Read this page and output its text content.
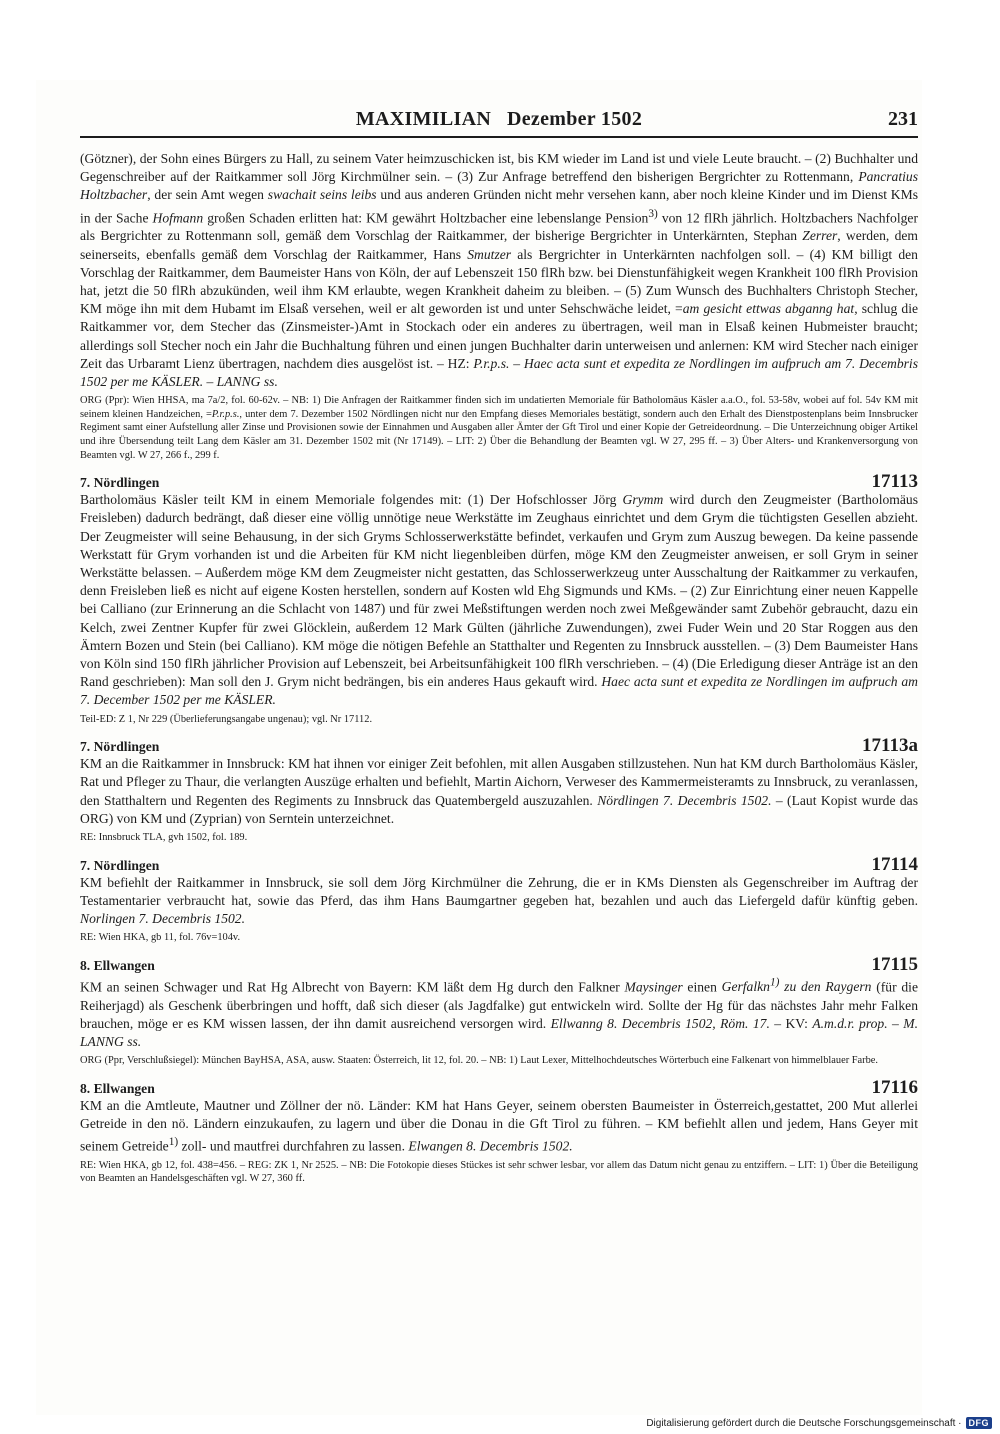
MAXIMILIAN   Dezember 1502	231

(Götzner), der Sohn eines Bürgers zu Hall, zu seinem Vater heimzuschicken ist, bis KM wieder im Land ist und viele Leute braucht. – (2) Buchhalter und Gegenschreiber auf der Raitkammer soll Jörg Kirchmülner sein. – (3) Zur Anfrage betreffend den bisherigen Bergrichter zu Rottenmann, Pancratius Holtzbacher, der sein Amt wegen swachait seins leibs und aus anderen Gründen nicht mehr versehen kann, aber noch kleine Kinder und im Dienst KMs in der Sache Hofmann großen Schaden erlitten hat: KM gewährt Holtzbacher eine lebenslange Pension$^{3)}$ von 12 flRh jährlich. Holtzbachers Nachfolger als Bergrichter zu Rottenmann soll, gemäß dem Vorschlag der Raitkammer, der bisherige Bergrichter in Unterkärnten, Stephan Zerrer, werden, dem seinerseits, ebenfalls gemäß dem Vorschlag der Raitkammer, Hans Smutzer als Bergrichter in Unterkärnten nachfolgen soll. – (4) KM billigt den Vorschlag der Raitkammer, dem Baumeister Hans von Köln, der auf Lebenszeit 150 flRh bzw. bei Dienstunfähigkeit wegen Krankheit 100 flRh Provision hat, jetzt die 50 flRh abzukünden, weil ihm KM erlaubte, wegen Krankheit daheim zu bleiben. – (5) Zum Wunsch des Buchhalters Christoph Stecher, KM möge ihn mit dem Hubamt im Elsaß versehen, weil er alt geworden ist und unter Sehschwäche leidet, =am gesicht ettwas abganng hat, schlug die Raitkammer vor, dem Stecher das (Zinsmeister-)Amt in Stockach oder ein anderes zu übertragen, weil man in Elsaß keinen Hubmeister braucht; allerdings soll Stecher noch ein Jahr die Buchhaltung führen und einen jungen Buchhalter darin unterweisen und anlernen: KM wird Stecher nach einiger Zeit das Urbaramt Lienz übertragen, nachdem dies ausgelöst ist. – HZ: P.r.p.s. – Haec acta sunt et expedita ze Nordlingen im aufpruch am 7. Decembris 1502 per me KÄSLER. – LANNG ss.

ORG (Ppr): Wien HHSA, ma 7a/2, fol. 60-62v. – NB: 1) Die Anfragen der Raitkammer finden sich im undatierten Memoriale für Batholomäus Käsler a.a.O., fol. 53-58v, wobei auf fol. 54v KM mit seinem kleinen Handzeichen, =P.r.p.s., unter dem 7. Dezember 1502 Nördlingen nicht nur den Empfang dieses Memoriales bestätigt, sondern auch den Erhalt des Dienstpostenplans beim Innsbrucker Regiment samt einer Aufstellung aller Zinse und Provisionen sowie der Einnahmen und Ausgaben aller Ämter der Gft Tirol und einer Kopie der Getreideordnung. – Die Unterzeichnung obiger Artikel und ihre Übersendung teilt Lang dem Käsler am 31. Dezember 1502 mit (Nr 17149). – LIT: 2) Über die Behandlung der Beamten vgl. W 27, 295 ff. – 3) Über Alters- und Krankenversorgung von Beamten vgl. W 27, 266 f., 299 f.

7. Nördlingen	17113

Bartholomäus Käsler teilt KM in einem Memoriale folgendes mit: (1) Der Hofschlosser Jörg Grymm wird durch den Zeugmeister (Bartholomäus Freisleben) dadurch bedrängt, daß dieser eine völlig unnötige neue Werkstätte im Zeughaus einrichtet und dem Grym die tüchtigsten Gesellen abzieht. Der Zeugmeister will seine Behausung, in der sich Gryms Schlosserwerkstätte befindet, verkaufen und Grym zum Auszug bewegen. Da keine passende Werkstatt für Grym vorhanden ist und die Arbeiten für KM nicht liegenbleiben dürfen, möge KM den Zeugmeister anweisen, er soll Grym in seiner Werkstätte belassen. – Außerdem möge KM dem Zeugmeister nicht gestatten, das Schlosserwerkzeug unter Ausschaltung der Raitkammer zu verkaufen, denn Freisleben ließ es nicht auf eigene Kosten herstellen, sondern auf Kosten wld Ehg Sigmunds und KMs. – (2) Zur Einrichtung einer neuen Kappelle bei Calliano (zur Erinnerung an die Schlacht von 1487) und für zwei Meßstiftungen werden noch zwei Meßgewänder samt Zubehör gebraucht, dazu ein Kelch, zwei Zentner Kupfer für zwei Glöcklein, außerdem 12 Mark Gülten (jährliche Zuwendungen), zwei Fuder Wein und 20 Star Roggen aus den Ämtern Bozen und Stein (bei Calliano). KM möge die nötigen Befehle an Statthalter und Regenten zu Innsbruck ausstellen. – (3) Dem Baumeister Hans von Köln sind 150 flRh jährlicher Provision auf Lebenszeit, bei Arbeitsunfähigkeit 100 flRh verschrieben. – (4) (Die Erledigung dieser Anträge ist an den Rand geschrieben): Man soll den J. Grym nicht bedrängen, bis ein anderes Haus gekauft wird. Haec acta sunt et expedita ze Nordlingen im aufpruch am 7. December 1502 per me KÄSLER.

Teil-ED: Z 1, Nr 229 (Überlieferungsangabe ungenau); vgl. Nr 17112.

7. Nördlingen	17113a

KM an die Raitkammer in Innsbruck: KM hat ihnen vor einiger Zeit befohlen, mit allen Ausgaben stillzustehen. Nun hat KM durch Bartholomäus Käsler, Rat und Pfleger zu Thaur, die verlangten Auszüge erhalten und befiehlt, Martin Aichorn, Verweser des Kammermeisteramts zu Innsbruck, zu veranlassen, den Statthaltern und Regenten des Regiments zu Innsbruck das Quatembergeld auszuzahlen. Nördlingen 7. Decembris 1502. – (Laut Kopist wurde das ORG) von KM und (Zyprian) von Serntein unterzeichnet.

RE: Innsbruck TLA, gvh 1502, fol. 189.

7. Nördlingen	17114

KM befiehlt der Raitkammer in Innsbruck, sie soll dem Jörg Kirchmülner die Zehrung, die er in KMs Diensten als Gegenschreiber im Auftrag der Testamentarier verbraucht hat, sowie das Pferd, das ihm Hans Baumgartner gegeben hat, bezahlen und auch das Liefergeld dafür künftig geben. Norlingen 7. Decembris 1502.

RE: Wien HKA, gb 11, fol. 76v=104v.

8. Ellwangen	17115

KM an seinen Schwager und Rat Hg Albrecht von Bayern: KM läßt dem Hg durch den Falkner Maysinger einen Gerfalkn$^{1)}$ zu den Raygern (für die Reiherjagd) als Geschenk überbringen und hofft, daß sich dieser (als Jagdfalke) gut entwickeln wird. Sollte der Hg für das nächstes Jahr mehr Falken brauchen, möge er es KM wissen lassen, der ihn damit ausreichend versorgen wird. Ellwanng 8. Decembris 1502, Röm. 17. – KV: A.m.d.r. prop. – M. LANNG ss.

ORG (Ppr, Verschlußsiegel): München BayHSA, ASA, ausw. Staaten: Österreich, lit 12, fol. 20. – NB: 1) Laut Lexer, Mittelhochdeutsches Wörterbuch eine Falkenart von himmelblauer Farbe.

8. Ellwangen	17116

KM an die Amtleute, Mautner und Zöllner der nö. Länder: KM hat Hans Geyer, seinem obersten Baumeister in Österreich,gestattet, 200 Mut allerlei Getreide in den nö. Ländern einzukaufen, zu lagern und über die Donau in die Gft Tirol zu führen. – KM befiehlt allen und jedem, Hans Geyer mit seinem Getreide$^{1)}$ zoll- und mautfrei durchfahren zu lassen. Elwangen 8. Decembris 1502.

RE: Wien HKA, gb 12, fol. 438=456. – REG: ZK 1, Nr 2525. – NB: Die Fotokopie dieses Stückes ist sehr schwer lesbar, vor allem das Datum nicht genau zu entziffern. – LIT: 1) Über die Beteiligung von Beamten an Handelsgeschäften vgl. W 27, 360 ff.

Digitalisierung gefördert durch die Deutsche Forschungsgemeinschaft · DFG
